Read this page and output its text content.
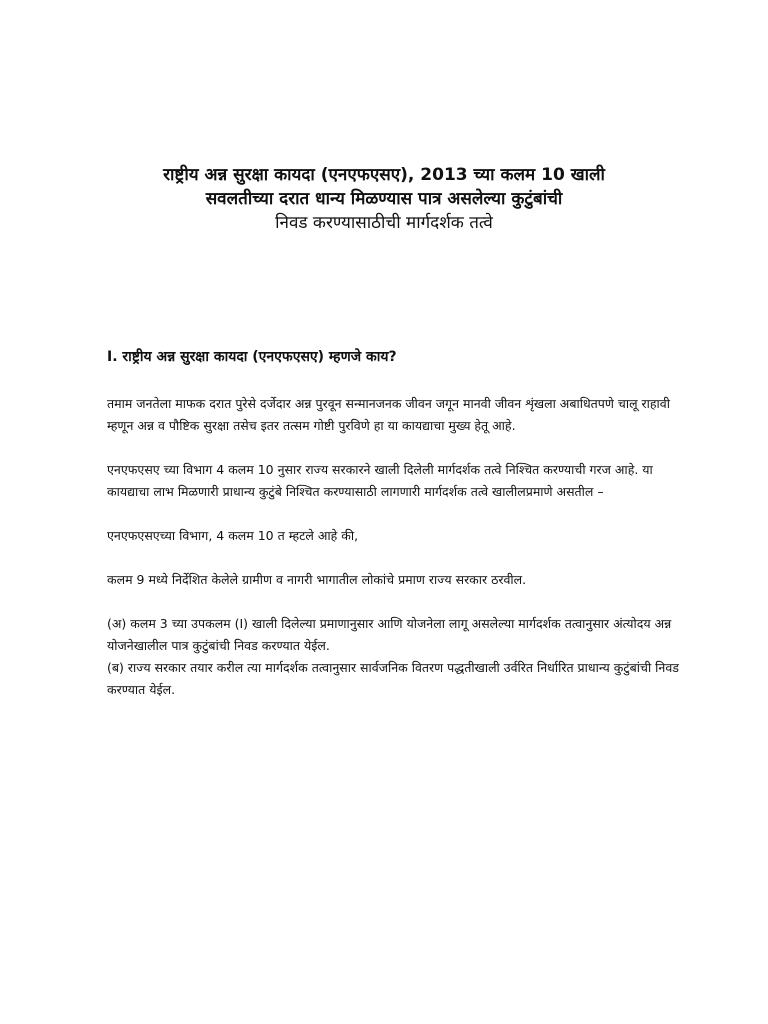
राष्ट्रीय अन्न सुरक्षा कायदा (एनएफएसए), 2013 च्या कलम 10 खाली
सवलतीच्या दरात धान्य मिळण्यास पात्र असलेल्या कुटुंबांची
निवड करण्यासाठीची मार्गदर्शक तत्वे
I. राष्ट्रीय अन्न सुरक्षा कायदा (एनएफएसए) म्हणजे काय?

तमाम जनतेला माफक दरात पुरेसे दर्जेदार अन्न पुरवून सन्मानजनक जीवन जगून मानवी जीवन शृंखला अबाधितपणे चालू राहावी म्हणून अन्न व पौष्टिक सुरक्षा तसेच इतर तत्सम गोष्टी पुरविणे हा या कायद्याचा मुख्य हेतू आहे.

एनएफएसए च्या विभाग 4 कलम 10 नुसार राज्य सरकारने खाली दिलेली मार्गदर्शक तत्वे निश्चित करण्याची गरज आहे. या कायद्याचा लाभ मिळणारी प्राधान्य कुटुंबे निश्चित करण्यासाठी लागणारी मार्गदर्शक तत्वे खालीलप्रमाणे असतील –

एनएफएसएच्या विभाग, 4 कलम 10 त म्हटले आहे की,

कलम 9 मध्ये निर्देशित केलेले ग्रामीण व नागरी भागातील लोकांचे प्रमाण राज्य सरकार ठरवील.

(अ) कलम 3 च्या उपकलम (I) खाली दिलेल्या प्रमाणानुसार आणि योजनेला लागू असलेल्या मार्गदर्शक तत्वानुसार अंत्योदय अन्न योजनेखालील पात्र कुटुंबांची निवड करण्यात येईल.

(ब) राज्य सरकार तयार करील त्या मार्गदर्शक तत्वानुसार सार्वजनिक वितरण पद्धतीखाली उर्वरित निर्धारित प्राधान्य कुटुंबांची निवड करण्यात येईल.
